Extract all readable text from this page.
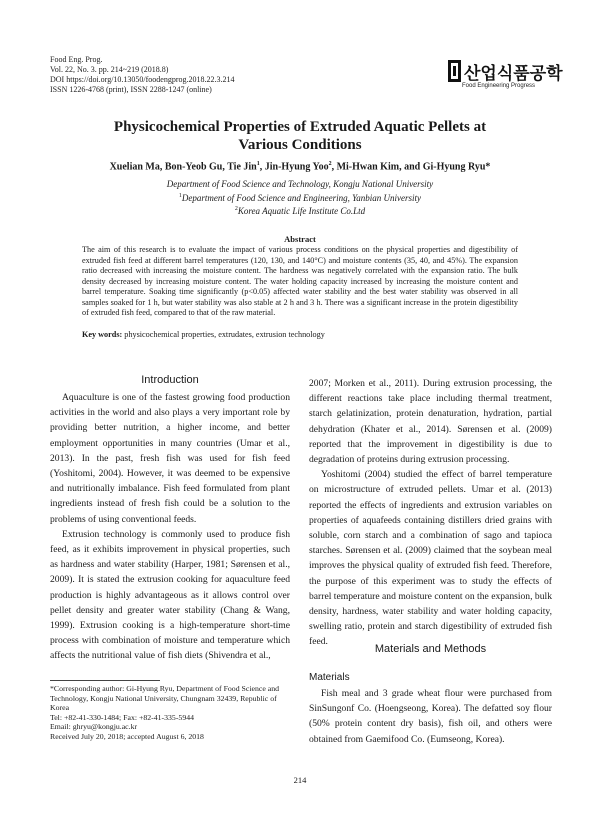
Food Eng. Prog.
Vol. 22, No. 3. pp. 214~219 (2018.8)
DOI https://doi.org/10.13050/foodengprog.2018.22.3.214
ISSN 1226-4768 (print), ISSN 2288-1247 (online)
산업식품공학
Food Engineering Progress
Physicochemical Properties of Extruded Aquatic Pellets at
Various Conditions
Xuelian Ma, Bon-Yeob Gu, Tie Jin$^1$, Jin-Hyung Yoo$^2$, Mi-Hwan Kim, and Gi-Hyung Ryu*
Department of Food Science and Technology, Kongju National University
$^1$Department of Food Science and Engineering, Yanbian University
$^2$Korea Aquatic Life Institute Co.Ltd
Abstract
The aim of this research is to evaluate the impact of various process conditions on the physical properties and digestibility of extruded fish feed at different barrel temperatures (120, 130, and 140°C) and moisture contents (35, 40, and 45%). The expansion ratio decreased with increasing the moisture content. The hardness was negatively correlated with the expansion ratio. The bulk density decreased by increasing moisture content. The water holding capacity increased by increasing the moisture content and barrel temperature. Soaking time significantly (p<0.05) affected water stability and the best water stability was observed in all samples soaked for 1 h, but water stability was also stable at 2 h and 3 h. There was a significant increase in the protein digestibility of extruded fish feed, compared to that of the raw material.
Key words: physicochemical properties, extrudates, extrusion technology
Introduction

Aquaculture is one of the fastest growing food production activities in the world and also plays a very important role by providing better nutrition, a higher income, and better employment opportunities in many countries (Umar et al., 2013). In the past, fresh fish was used for fish feed (Yoshitomi, 2004). However, it was deemed to be expensive and nutritionally imbalance. Fish feed formulated from plant ingredients instead of fresh fish could be a solution to the problems of using conventional feeds.

Extrusion technology is commonly used to produce fish feed, as it exhibits improvement in physical properties, such as hardness and water stability (Harper, 1981; Sørensen et al., 2009). It is stated the extrusion cooking for aquaculture feed production is highly advantageous as it allows control over pellet density and greater water stability (Chang & Wang, 1999). Extrusion cooking is a high-temperature short-time process with combination of moisture and temperature which affects the nutritional value of fish diets (Shivendra et al.,

2007; Morken et al., 2011). During extrusion processing, the different reactions take place including thermal treatment, starch gelatinization, protein denaturation, hydration, partial dehydration (Khater et al., 2014). Sørensen et al. (2009) reported that the improvement in digestibility is due to degradation of proteins during extrusion processing.

Yoshitomi (2004) studied the effect of barrel temperature on microstructure of extruded pellets. Umar et al. (2013) reported the effects of ingredients and extrusion variables on properties of aquafeeds containing distillers dried grains with soluble, corn starch and a combination of sago and tapioca starches. Sørensen et al. (2009) claimed that the soybean meal improves the physical quality of extruded fish feed. Therefore, the purpose of this experiment was to study the effects of barrel temperature and moisture content on the expansion, bulk density, hardness, water stability and water holding capacity, swelling ratio, protein and starch digestibility of extruded fish feed.

Materials and Methods
Materials

Fish meal and 3 grade wheat flour were purchased from SinSungonf Co. (Hoengseong, Korea). The defatted soy flour (50% protein content dry basis), fish oil, and others were obtained from Gaemifood Co. (Eumseong, Korea).

*Corresponding author: Gi-Hyung Ryu, Department of Food Science and Technology, Kongju National University, Chungnam 32439, Republic of Korea
Tel: +82-41-330-1484; Fax: +82-41-335-5944
Email: ghryu@kongju.ac.kr
Received July 20, 2018; accepted August 6, 2018
214
